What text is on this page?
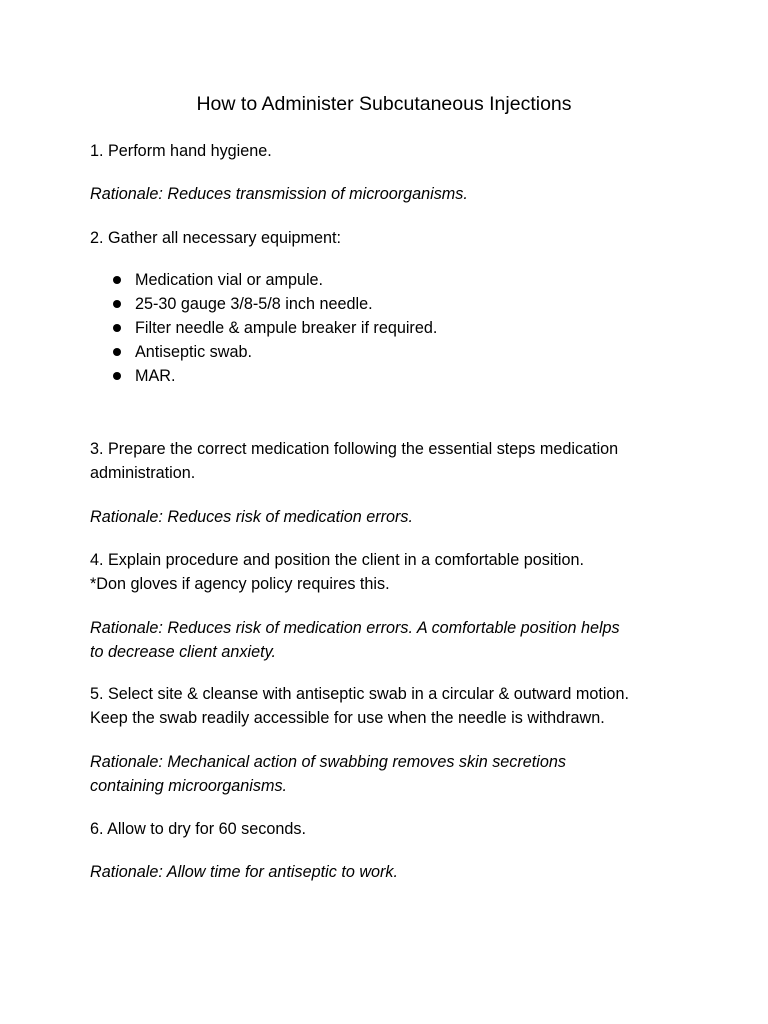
How to Administer Subcutaneous Injections

1. Perform hand hygiene.

Rationale: Reduces transmission of microorganisms.

2. Gather all necessary equipment:

Medication vial or ampule.
25-30 gauge 3/8-5/8 inch needle.
Filter needle & ampule breaker if required.
Antiseptic swab.
MAR.

3. Prepare the correct medication following the essential steps medication
administration.

Rationale: Reduces risk of medication errors.

4. Explain procedure and position the client in a comfortable position.
*Don gloves if agency policy requires this.

Rationale: Reduces risk of medication errors. A comfortable position helps
to decrease client anxiety.

5. Select site & cleanse with antiseptic swab in a circular & outward motion.
Keep the swab readily accessible for use when the needle is withdrawn.

Rationale: Mechanical action of swabbing removes skin secretions
containing microorganisms.

6. Allow to dry for 60 seconds.

Rationale: Allow time for antiseptic to work.
